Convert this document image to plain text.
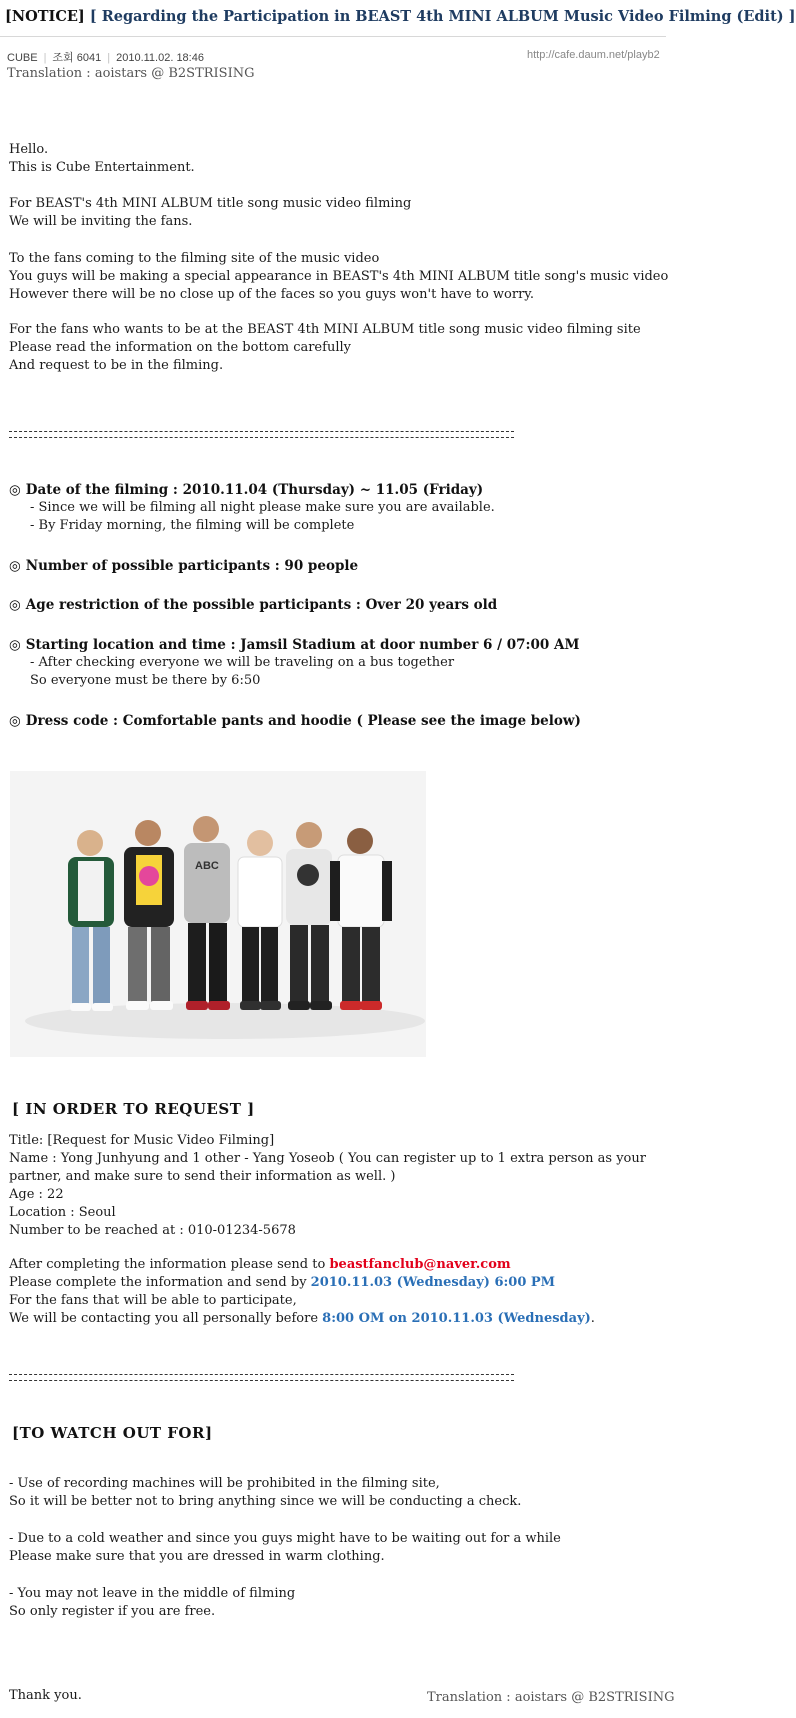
[NOTICE] [ Regarding the Participation in BEAST 4th MINI ALBUM Music Video Filming (Edit) ]
CUBE | 조회 6041 | 2010.11.02. 18:46	http://cafe.daum.net/playb2
Translation : aoistars @ B2STRISING
Hello.
This is Cube Entertainment.
For BEAST's 4th MINI ALBUM title song music video filming
We will be inviting the fans.
To the fans coming to the filming site of the music video
You guys will be making a special appearance in BEAST's 4th MINI ALBUM title song's music video
However there will be no close up of the faces so you guys won't have to worry.
For the fans who wants to be at the BEAST 4th MINI ALBUM title song music video filming site
Please read the information on the bottom carefully
And request to be in the filming.
◎ Date of the filming : 2010.11.04 (Thursday) ~ 11.05 (Friday)
- Since we will be filming all night please make sure you are available.
- By Friday morning, the filming will be complete
◎ Number of possible participants : 90 people
◎ Age restriction of the possible participants : Over 20 years old
◎ Starting location and time : Jamsil Stadium at door number 6 / 07:00 AM
- After checking everyone we will be traveling on a bus together
So everyone must be there by 6:50
◎ Dress code : Comfortable pants and hoodie ( Please see the image below)
ABC
[ IN ORDER TO REQUEST ]
Title: [Request for Music Video Filming]
Name : Yong Junhyung and 1 other - Yang Yoseob ( You can register up to 1 extra person as your
partner, and make sure to send their information as well. )
Age : 22
Location : Seoul
Number to be reached at : 010-01234-5678
After completing the information please send to beastfanclub@naver.com
Please complete the information and send by 2010.11.03 (Wednesday) 6:00 PM
For the fans that will be able to participate,
We will be contacting you all personally before 8:00 OM on 2010.11.03 (Wednesday).
[TO WATCH OUT FOR]
- Use of recording machines will be prohibited in the filming site,
So it will be better not to bring anything since we will be conducting a check.
- Due to a cold weather and since you guys might have to be waiting out for a while
Please make sure that you are dressed in warm clothing.
- You may not leave in the middle of filming
So only register if you are free.
Thank you.	Translation : aoistars @ B2STRISING
